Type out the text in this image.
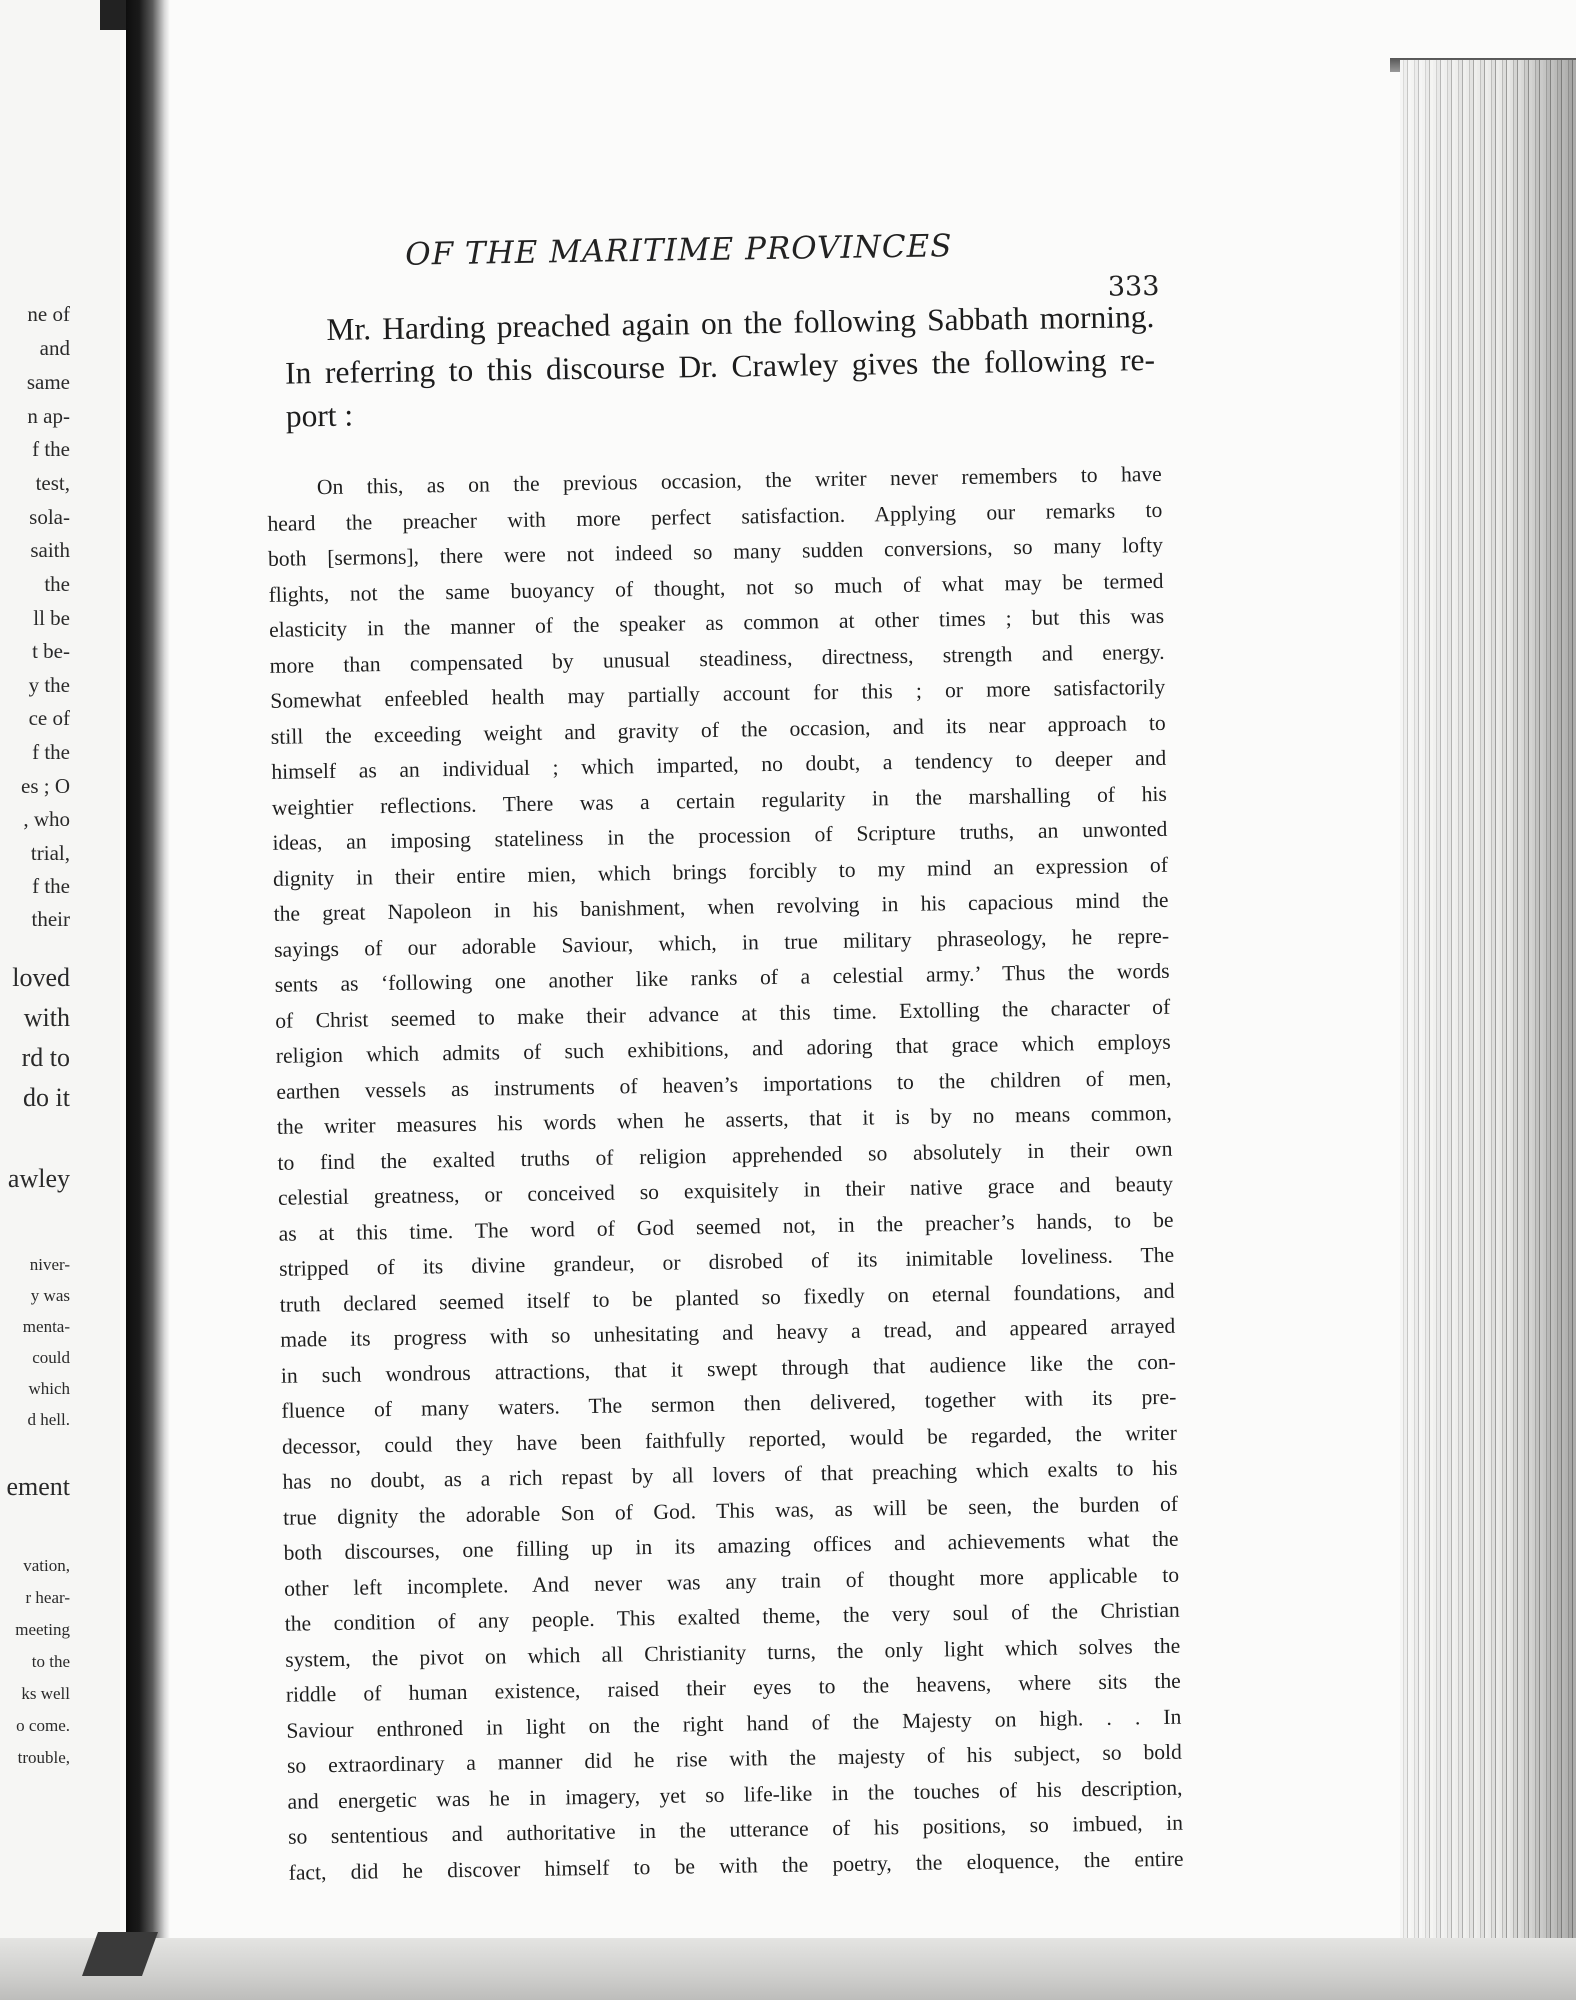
ne of
and
same
n ap-
f the
test,
sola-
saith
the
ll be
t be-
y the
ce of
f the
es ; O
, who
trial,
f the
their
loved
with
rd to
do it
awley
niver-
y was
menta-
could
which
d hell.
ement
vation,
r hear-
meeting
to the
ks well
o come.
trouble,
OF THE MARITIME PROVINCES
333
Mr. Harding preached again on the following Sabbath morning.
In referring to this discourse Dr. Crawley gives the following re-
port :
On this, as on the previous occasion, the writer never remembers to have
heard the preacher with more perfect satisfaction. Applying our remarks to
both [sermons], there were not indeed so many sudden conversions, so many lofty
flights, not the same buoyancy of thought, not so much of what may be termed
elasticity in the manner of the speaker as common at other times ; but this was
more than compensated by unusual steadiness, directness, strength and energy.
Somewhat enfeebled health may partially account for this ; or more satisfactorily
still the exceeding weight and gravity of the occasion, and its near approach to
himself as an individual ; which imparted, no doubt, a tendency to deeper and
weightier reflections. There was a certain regularity in the marshalling of his
ideas, an imposing stateliness in the procession of Scripture truths, an unwonted
dignity in their entire mien, which brings forcibly to my mind an expression of
the great Napoleon in his banishment, when revolving in his capacious mind the
sayings of our adorable Saviour, which, in true military phraseology, he repre-
sents as ‘following one another like ranks of a celestial army.’ Thus the words
of Christ seemed to make their advance at this time. Extolling the character of
religion which admits of such exhibitions, and adoring that grace which employs
earthen vessels as instruments of heaven’s importations to the children of men,
the writer measures his words when he asserts, that it is by no means common,
to find the exalted truths of religion apprehended so absolutely in their own
celestial greatness, or conceived so exquisitely in their native grace and beauty
as at this time. The word of God seemed not, in the preacher’s hands, to be
stripped of its divine grandeur, or disrobed of its inimitable loveliness. The
truth declared seemed itself to be planted so fixedly on eternal foundations, and
made its progress with so unhesitating and heavy a tread, and appeared arrayed
in such wondrous attractions, that it swept through that audience like the con-
fluence of many waters. The sermon then delivered, together with its pre-
decessor, could they have been faithfully reported, would be regarded, the writer
has no doubt, as a rich repast by all lovers of that preaching which exalts to his
true dignity the adorable Son of God. This was, as will be seen, the burden of
both discourses, one filling up in its amazing offices and achievements what the
other left incomplete. And never was any train of thought more applicable to
the condition of any people. This exalted theme, the very soul of the Christian
system, the pivot on which all Christianity turns, the only light which solves the
riddle of human existence, raised their eyes to the heavens, where sits the
Saviour enthroned in light on the right hand of the Majesty on high. . . In
so extraordinary a manner did he rise with the majesty of his subject, so bold
and energetic was he in imagery, yet so life-like in the touches of his description,
so sententious and authoritative in the utterance of his positions, so imbued, in
fact, did he discover himself to be with the poetry, the eloquence, the entire
